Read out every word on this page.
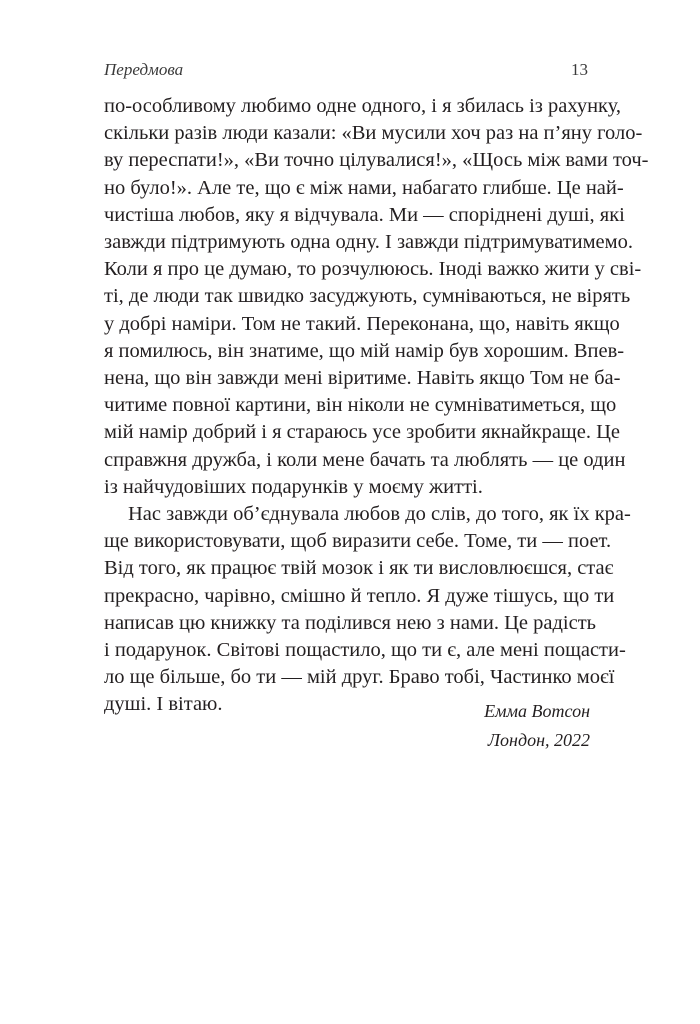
Передмова	13
по-особливому любимо одне одного, і я збилась із рахунку,
скільки разів люди казали: «Ви мусили хоч раз на п’яну голо-
ву переспати!», «Ви точно цілувалися!», «Щось між вами точ-
но було!». Але те, що є між нами, набагато глибше. Це най-
чистіша любов, яку я відчувала. Ми — споріднені душі, які
завжди підтримують одна одну. І завжди підтримуватимемо.
Коли я про це думаю, то розчулююсь. Іноді важко жити у сві-
ті, де люди так швидко засуджують, сумніваються, не вірять
у добрі наміри. Том не такий. Переконана, що, навіть якщо
я помилюсь, він знатиме, що мій намір був хорошим. Впев-
нена, що він завжди мені віритиме. Навіть якщо Том не ба-
читиме повної картини, він ніколи не сумніватиметься, що
мій намір добрий і я стараюсь усе зробити якнайкраще. Це
справжня дружба, і коли мене бачать та люблять — це один
із найчудовіших подарунків у моєму житті.
Нас завжди об’єднувала любов до слів, до того, як їх кра-
ще використовувати, щоб виразити себе. Томе, ти — поет.
Від того, як працює твій мозок і як ти висловлюєшся, стає
прекрасно, чарівно, смішно й тепло. Я дуже тішусь, що ти
написав цю книжку та поділився нею з нами. Це радість
і подарунок. Світові пощастило, що ти є, але мені пощасти-
ло ще більше, бо ти — мій друг. Браво тобі, Частинко моєї
душі. І вітаю.	Емма Вотсон
Лондон, 2022
